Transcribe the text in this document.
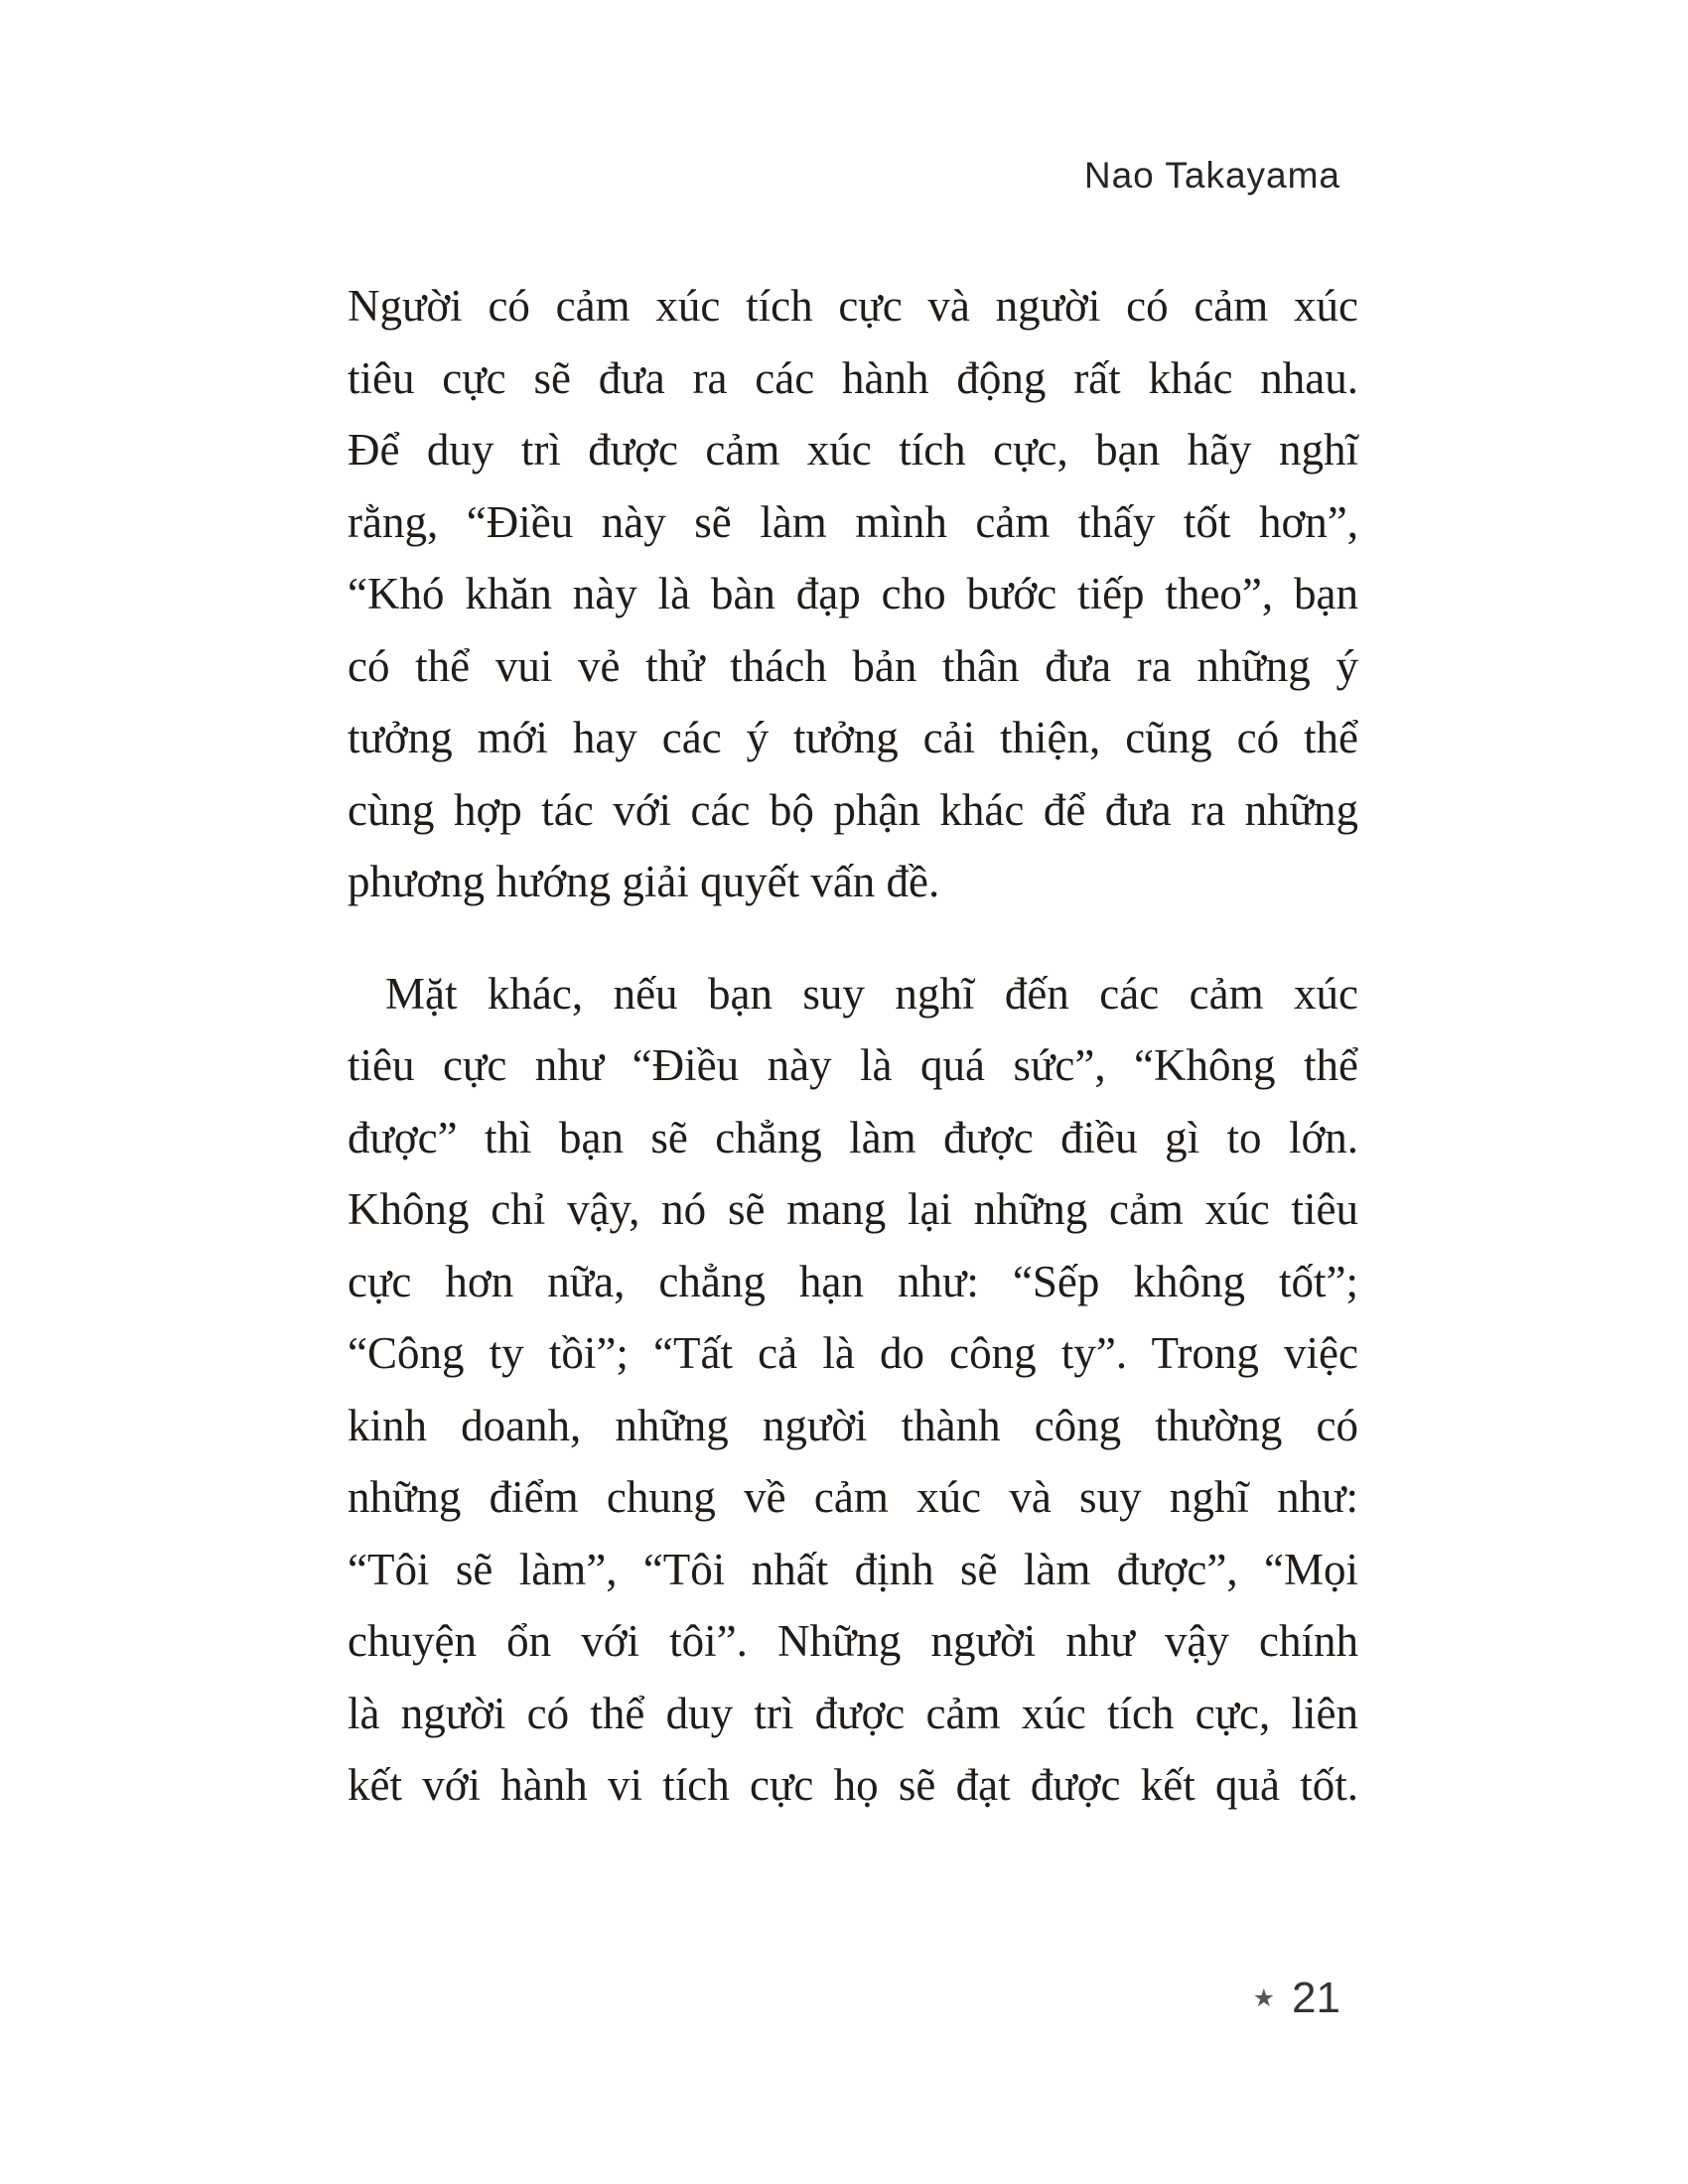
Nao Takayama
Người có cảm xúc tích cực và người có cảm xúc
tiêu cực sẽ đưa ra các hành động rất khác nhau.
Để duy trì được cảm xúc tích cực, bạn hãy nghĩ
rằng, “Điều này sẽ làm mình cảm thấy tốt hơn”,
“Khó khăn này là bàn đạp cho bước tiếp theo”, bạn
có thể vui vẻ thử thách bản thân đưa ra những ý
tưởng mới hay các ý tưởng cải thiện, cũng có thể
cùng hợp tác với các bộ phận khác để đưa ra những
phương hướng giải quyết vấn đề.
Mặt khác, nếu bạn suy nghĩ đến các cảm xúc
tiêu cực như “Điều này là quá sức”, “Không thể
được” thì bạn sẽ chẳng làm được điều gì to lớn.
Không chỉ vậy, nó sẽ mang lại những cảm xúc tiêu
cực hơn nữa, chẳng hạn như: “Sếp không tốt”;
“Công ty tồi”; “Tất cả là do công ty”. Trong việc
kinh doanh, những người thành công thường có
những điểm chung về cảm xúc và suy nghĩ như:
“Tôi sẽ làm”, “Tôi nhất định sẽ làm được”, “Mọi
chuyện ổn với tôi”. Những người như vậy chính
là người có thể duy trì được cảm xúc tích cực, liên
kết với hành vi tích cực họ sẽ đạt được kết quả tốt.
★ 21
